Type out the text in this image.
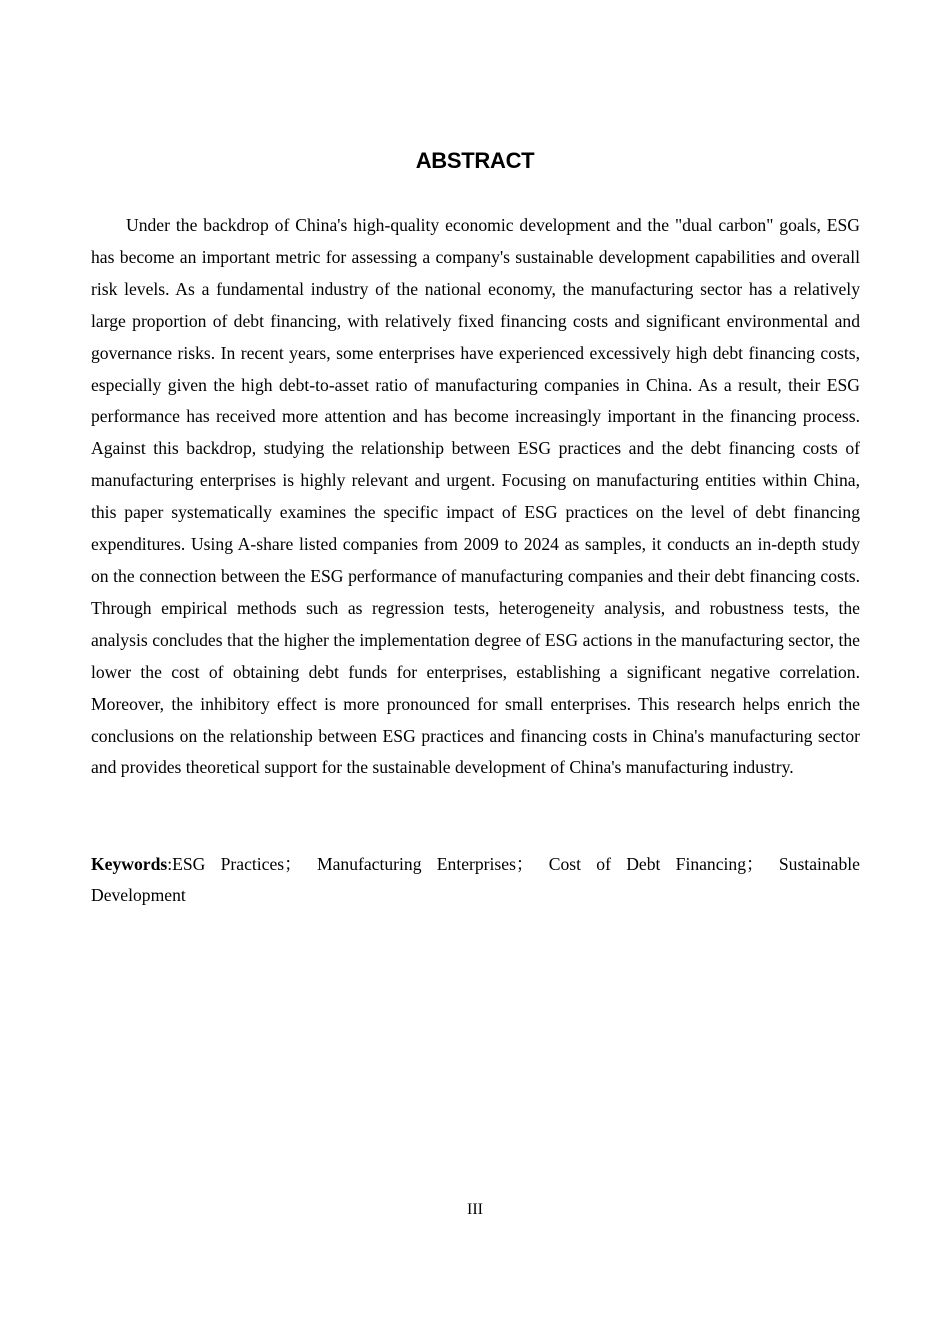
ABSTRACT

Under the backdrop of China's high-quality economic development and the "dual carbon" goals, ESG has become an important metric for assessing a company's sustainable development capabilities and overall risk levels. As a fundamental industry of the national economy, the manufacturing sector has a relatively large proportion of debt financing, with relatively fixed financing costs and significant environmental and governance risks. In recent years, some enterprises have experienced excessively high debt financing costs, especially given the high debt-to-asset ratio of manufacturing companies in China. As a result, their ESG performance has received more attention and has become increasingly important in the financing process. Against this backdrop, studying the relationship between ESG practices and the debt financing costs of manufacturing enterprises is highly relevant and urgent. Focusing on manufacturing entities within China, this paper systematically examines the specific impact of ESG practices on the level of debt financing expenditures. Using A-share listed companies from 2009 to 2024 as samples, it conducts an in-depth study on the connection between the ESG performance of manufacturing companies and their debt financing costs. Through empirical methods such as regression tests, heterogeneity analysis, and robustness tests, the analysis concludes that the higher the implementation degree of ESG actions in the manufacturing sector, the lower the cost of obtaining debt funds for enterprises, establishing a significant negative correlation. Moreover, the inhibitory effect is more pronounced for small enterprises. This research helps enrich the conclusions on the relationship between ESG practices and financing costs in China's manufacturing sector and provides theoretical support for the sustainable development of China's manufacturing industry.

Keywords:ESG Practices； Manufacturing Enterprises； Cost of Debt Financing； Sustainable Development

III
